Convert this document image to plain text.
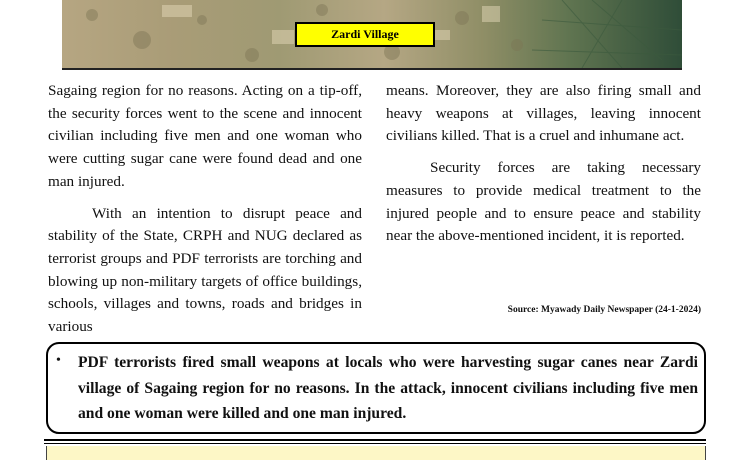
Zardi Village

Sagaing region for no reasons. Acting on a tip-off, the security forces went to the scene and innocent civilian including five men and one woman who were cutting sugar cane were found dead and one man injured.

With an intention to disrupt peace and stability of the State, CRPH and NUG declared as terrorist groups and PDF terrorists are torching and blowing up non-military targets of office buildings, schools, villages and towns, roads and bridges in various

means. Moreover, they are also firing small and heavy weapons at villages, leaving innocent civilians killed. That is a cruel and inhumane act.

Security forces are taking necessary measures to provide medical treatment to the injured people and to ensure peace and stability near the above-mentioned incident, it is reported.

Source: Myawady Daily Newspaper (24-1-2024)
• PDF terrorists fired small weapons at locals who were harvesting sugar canes near Zardi village of Sagaing region for no reasons. In the attack, innocent civilians including five men and one woman were killed and one man injured.
